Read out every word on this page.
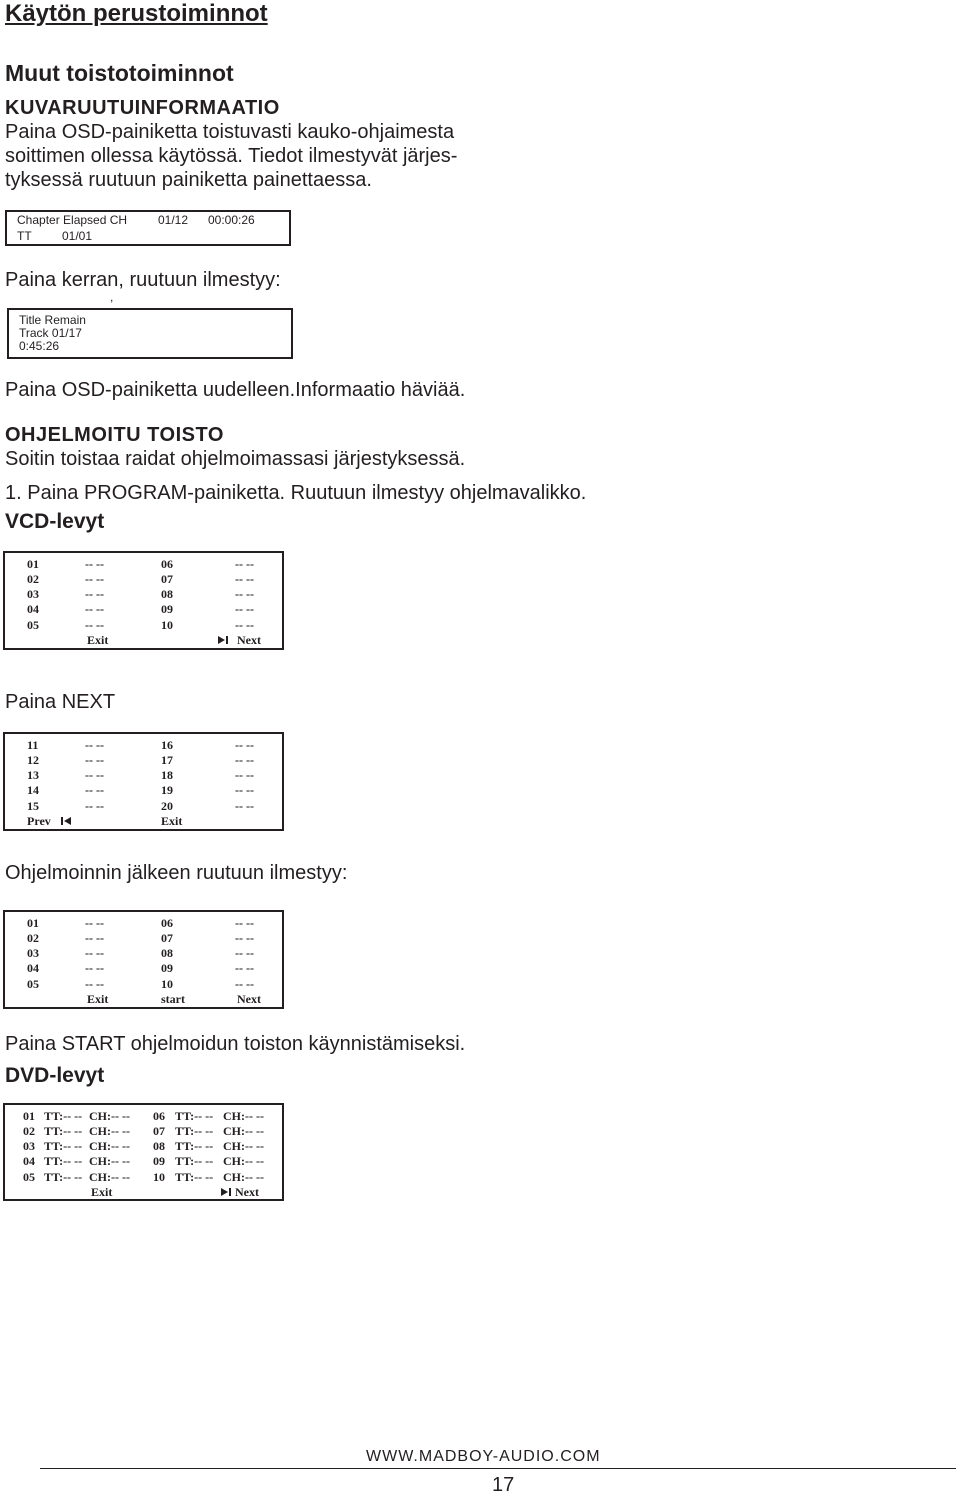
Käytön perustoiminnot
Muut toistotoiminnot
KUVARUUTUINFORMAATIO
Paina OSD-painiketta toistuvasti kauko-ohjaimesta
soittimen ollessa käytössä. Tiedot ilmestyvät järjes-
tyksessä ruutuun painiketta painettaessa.
Chapter Elapsed CH	01/12 00:00:26
TT	01/01
Paina kerran, ruutuun ilmestyy:
,
Title Remain
Track 01/17
0:45:26
Paina OSD-painiketta uudelleen.Informaatio häviää.
OHJELMOITU TOISTO
Soitin toistaa raidat ohjelmoimassasi järjestyksessä.
1. Paina PROGRAM-painiketta. Ruutuun ilmestyy ohjelmavalikko.
VCD-levyt
01	-- --	06	-- --
02	-- --	07	-- --
03	-- --	08	-- --
04	-- --	09	-- --
05	-- --	10	-- --
Exit	Next
Paina NEXT
11	-- --	16	-- --
12	-- --	17	-- --
13	-- --	18	-- --
14	-- --	19	-- --
15	-- --	20	-- --
Prev	Exit
Ohjelmoinnin jälkeen ruutuun ilmestyy:
01	-- --	06	-- --
02	-- --	07	-- --
03	-- --	08	-- --
04	-- --	09	-- --
05	-- --	10	-- --
Exit	start	Next
Paina START ohjelmoidun toiston käynnistämiseksi.
DVD-levyt
01 TT:-- -- CH:-- -- 06 TT:-- -- CH:-- --
02 TT:-- -- CH:-- -- 07 TT:-- -- CH:-- --
03 TT:-- -- CH:-- -- 08 TT:-- -- CH:-- --
04 TT:-- -- CH:-- -- 09 TT:-- -- CH:-- --
05 TT:-- -- CH:-- -- 10 TT:-- -- CH:-- --
Exit	Next
WWW.MADBOY-AUDIO.COM
17
